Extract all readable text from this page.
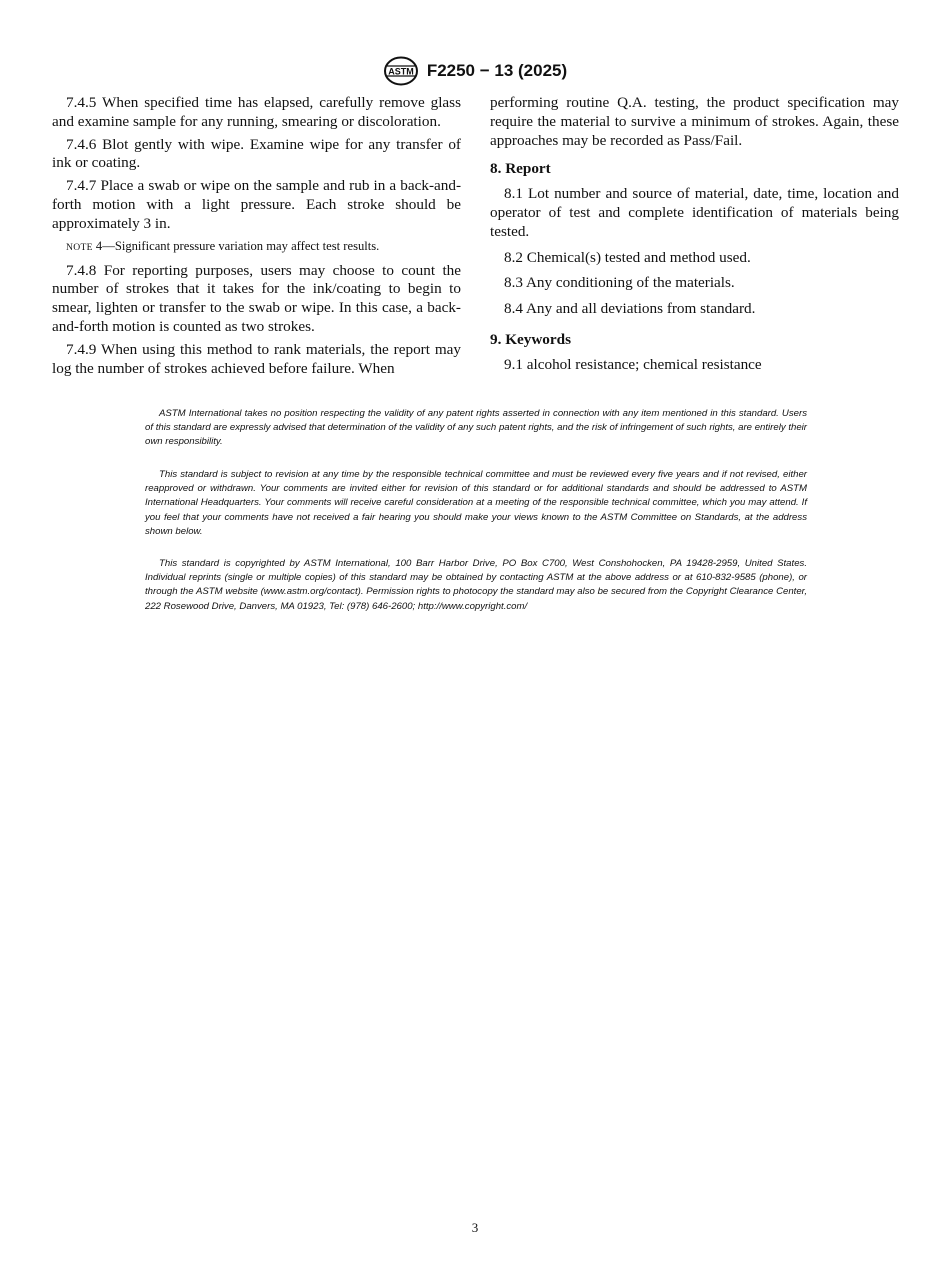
ASTM F2250 − 13 (2025)

7.4.5 When specified time has elapsed, carefully remove glass and examine sample for any running, smearing or discoloration.

7.4.6 Blot gently with wipe. Examine wipe for any transfer of ink or coating.

7.4.7 Place a swab or wipe on the sample and rub in a back-and-forth motion with a light pressure. Each stroke should be approximately 3 in.

NOTE 4—Significant pressure variation may affect test results.

7.4.8 For reporting purposes, users may choose to count the number of strokes that it takes for the ink/coating to begin to smear, lighten or transfer to the swab or wipe. In this case, a back-and-forth motion is counted as two strokes.

7.4.9 When using this method to rank materials, the report may log the number of strokes achieved before failure. When

performing routine Q.A. testing, the product specification may require the material to survive a minimum of strokes. Again, these approaches may be recorded as Pass/Fail.

8. Report

8.1 Lot number and source of material, date, time, location and operator of test and complete identification of materials being tested.

8.2 Chemical(s) tested and method used.

8.3 Any conditioning of the materials.

8.4 Any and all deviations from standard.

9. Keywords

9.1 alcohol resistance; chemical resistance

ASTM International takes no position respecting the validity of any patent rights asserted in connection with any item mentioned in this standard. Users of this standard are expressly advised that determination of the validity of any such patent rights, and the risk of infringement of such rights, are entirely their own responsibility.

This standard is subject to revision at any time by the responsible technical committee and must be reviewed every five years and if not revised, either reapproved or withdrawn. Your comments are invited either for revision of this standard or for additional standards and should be addressed to ASTM International Headquarters. Your comments will receive careful consideration at a meeting of the responsible technical committee, which you may attend. If you feel that your comments have not received a fair hearing you should make your views known to the ASTM Committee on Standards, at the address shown below.

This standard is copyrighted by ASTM International, 100 Barr Harbor Drive, PO Box C700, West Conshohocken, PA 19428-2959, United States. Individual reprints (single or multiple copies) of this standard may be obtained by contacting ASTM at the above address or at 610-832-9585 (phone), or through the ASTM website (www.astm.org/contact). Permission rights to photocopy the standard may also be secured from the Copyright Clearance Center, 222 Rosewood Drive, Danvers, MA 01923, Tel: (978) 646-2600; http://www.copyright.com/

3
